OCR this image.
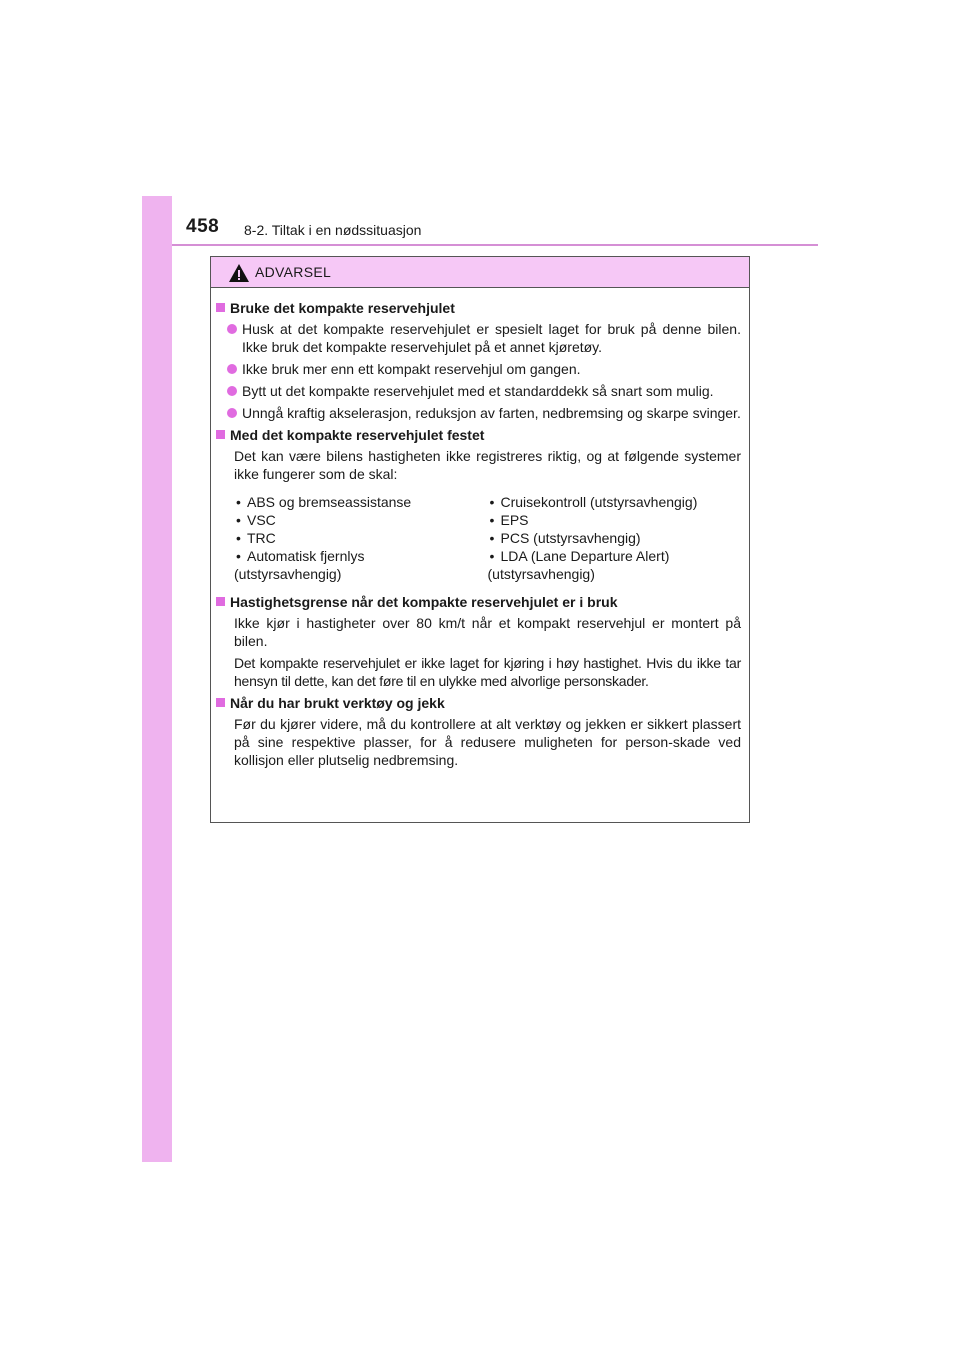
458 8-2. Tiltak i en nødssituasjon
ADVARSEL
Bruke det kompakte reservehjulet
Husk at det kompakte reservehjulet er spesielt laget for bruk på denne bilen. Ikke bruk det kompakte reservehjulet på et annet kjøretøy.
Ikke bruk mer enn ett kompakt reservehjul om gangen.
Bytt ut det kompakte reservehjulet med et standarddekk så snart som mulig.
Unngå kraftig akselerasjon, reduksjon av farten, nedbremsing og skarpe svinger.
Med det kompakte reservehjulet festet
Det kan være bilens hastigheten ikke registreres riktig, og at følgende systemer ikke fungerer som de skal:
• ABS og bremseassistanse
• VSC
• TRC
• Automatisk fjernlys
(utstyrsavhengig)
• Cruisekontroll (utstyrsavhengig)
• EPS
• PCS (utstyrsavhengig)
• LDA (Lane Departure Alert)
(utstyrsavhengig)
Hastighetsgrense når det kompakte reservehjulet er i bruk
Ikke kjør i hastigheter over 80 km/t når et kompakt reservehjul er montert på bilen.
Det kompakte reservehjulet er ikke laget for kjøring i høy hastighet. Hvis du ikke tar hensyn til dette, kan det føre til en ulykke med alvorlige personskader.
Når du har brukt verktøy og jekk
Før du kjører videre, må du kontrollere at alt verktøy og jekken er sikkert plassert på sine respektive plasser, for å redusere muligheten for person-skade ved kollisjon eller plutselig nedbremsing.
